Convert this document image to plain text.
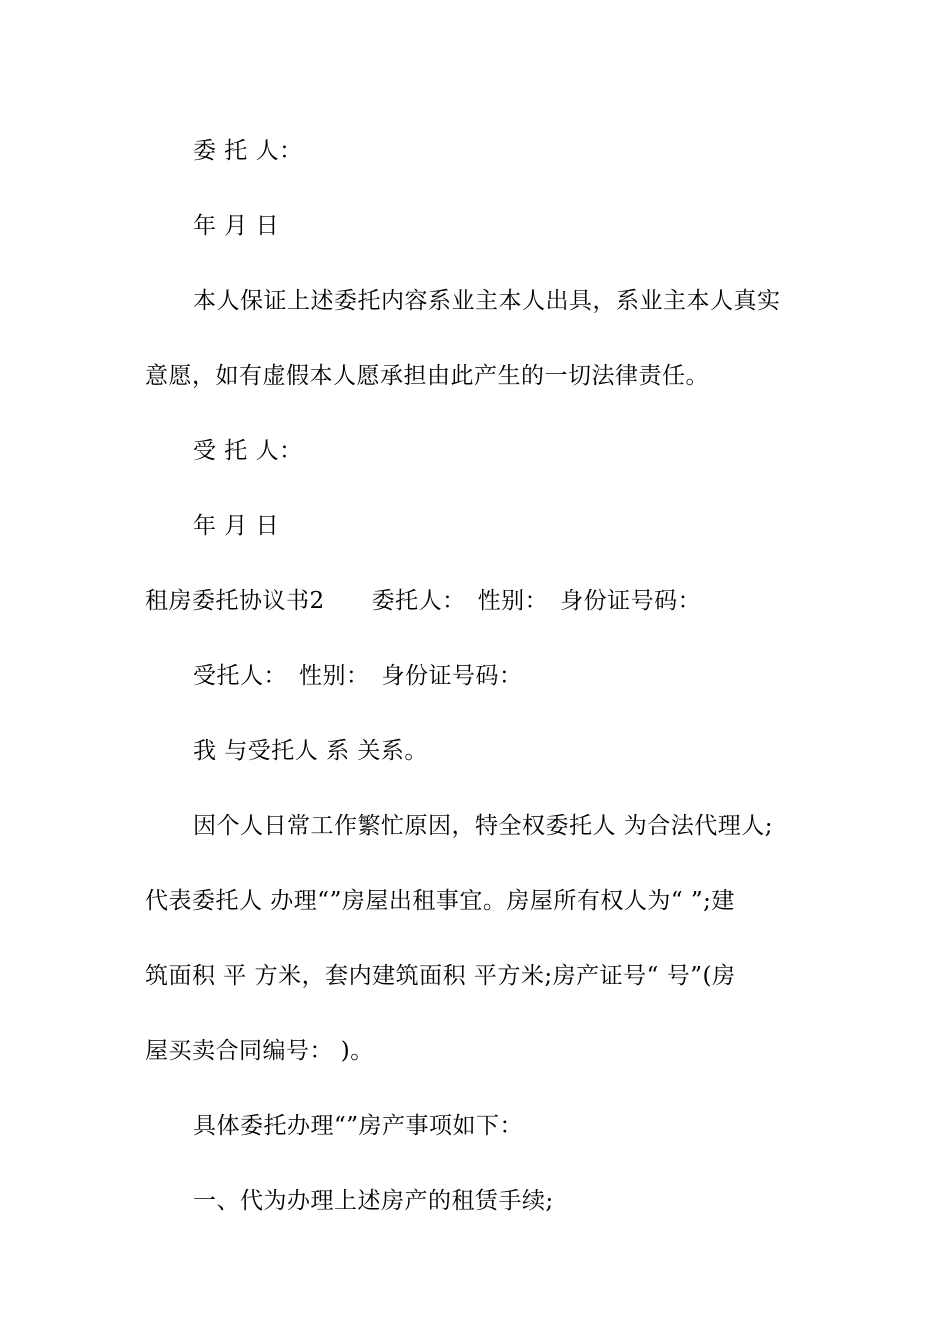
委 托 人：
年 月 日
本人保证上述委托内容系业主本人出具，系业主本人真实
意愿，如有虚假本人愿承担由此产生的一切法律责任。
受 托 人：
年 月 日
租房委托协议书2　　委托人：　性别：　身份证号码：
受托人：　性别：　身份证号码：
我 与受托人 系 关系。
因个人日常工作繁忙原因，特全权委托人 为合法代理人;
代表委托人 办理“”房屋出租事宜。房屋所有权人为“ ”;建
筑面积 平 方米，套内建筑面积 平方米;房产证号“ 号”(房
屋买卖合同编号： )。
具体委托办理“”房产事项如下：
一、代为办理上述房产的租赁手续;
